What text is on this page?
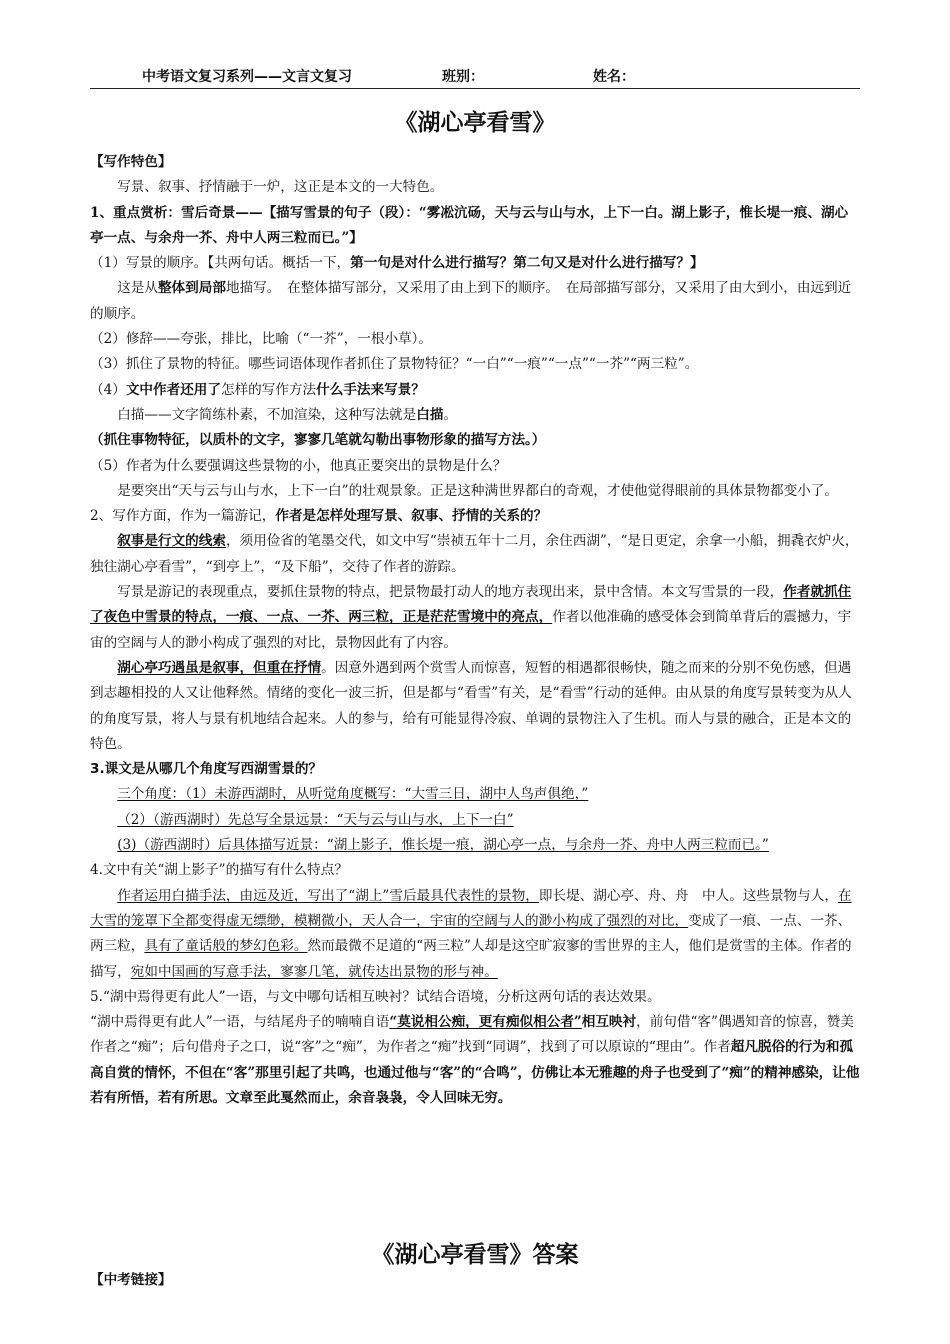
中考语文复习系列——文言文复习	班别：	姓名：
《湖心亭看雪》

【写作特色】

写景、叙事、抒情融于一炉，这正是本文的一大特色。

1、重点赏析：雪后奇景——【描写雪景的句子（段）：“雾凇沆砀，天与云与山与水，上下一白。湖上影子，惟长堤一痕、湖心亭一点、与余舟一芥、舟中人两三粒而已。”】

（1）写景的顺序。【共两句话。概括一下，第一句是对什么进行描写？第二句又是对什么进行描写？】

这是从整体到局部地描写。　在整体描写部分，又采用了由上到下的顺序。　在局部描写部分，又采用了由大到小，由远到近的顺序。

（2）修辞——夸张，排比，比喻（“一芥”，一根小草）。

（3）抓住了景物的特征。哪些词语体现作者抓住了景物特征？“一白”“一痕”“一点”“一芥”“两三粒”。

（4）文中作者还用了怎样的写作方法什么手法来写景？

白描——文字简练朴素，不加渲染，这种写法就是白描。

（抓住事物特征，以质朴的文字，寥寥几笔就勾勒出事物形象的描写方法。）

（5）作者为什么要强调这些景物的小，他真正要突出的景物是什么？

是要突出“天与云与山与水，上下一白”的壮观景象。正是这种满世界都白的奇观，才使他觉得眼前的具体景物都变小了。

2、写作方面，作为一篇游记，作者是怎样处理写景、叙事、抒情的关系的？

叙事是行文的线索，须用俭省的笔墨交代，如文中写“崇祯五年十二月，余住西湖”，“是日更定，余拿一小船，拥毳衣炉火，独往湖心亭看雪”，“到亭上”，“及下船”，交待了作者的游踪。

写景是游记的表现重点，要抓住景物的特点，把景物最打动人的地方表现出来，景中含情。本文写雪景的一段，作者就抓住了夜色中雪景的特点，一痕、一点、一芥、两三粒，正是茫茫雪境中的亮点，作者以他准确的感受体会到简单背后的震撼力，宇宙的空阔与人的渺小构成了强烈的对比，景物因此有了内容。

湖心亭巧遇虽是叙事，但重在抒情。因意外遇到两个赏雪人而惊喜，短暂的相遇都很畅快，随之而来的分别不免伤感，但遇到志趣相投的人又让他释然。情绪的变化一波三折，但是都与“看雪”有关，是“看雪”行动的延伸。由从景的角度写景转变为从人的角度写景，将人与景有机地结合起来。人的参与，给有可能显得冷寂、单调的景物注入了生机。而人与景的融合，正是本文的特色。

3.课文是从哪几个角度写西湖雪景的？

三个角度：（1）未游西湖时，从听觉角度概写：“大雪三日，湖中人鸟声俱绝，”

（2）（游西湖时）先总写全景远景：“天与云与山与水，上下一白”

(3)（游西湖时）后具体描写近景：“湖上影子，惟长堤一痕，湖心亭一点，与余舟一芥、舟中人两三粒而已。”

4.文中有关“湖上影子”的描写有什么特点？

作者运用白描手法，由远及近，写出了“湖上”雪后最具代表性的景物，即长堤、湖心亭、舟、舟　中人。这些景物与人，在大雪的笼罩下全都变得虚无缥缈，模糊微小，天人合一，宇宙的空阔与人的渺小构成了强烈的对比，变成了一痕、一点、一芥、两三粒，具有了童话般的梦幻色彩。然而最微不足道的“两三粒”人却是这空旷寂寥的雪世界的主人，他们是赏雪的主体。作者的描写，宛如中国画的写意手法，寥寥几笔，就传达出景物的形与神。

5.“湖中焉得更有此人”一语，与文中哪句话相互映衬？试结合语境，分析这两句话的表达效果。

“湖中焉得更有此人”一语，与结尾舟子的喃喃自语“莫说相公痴，更有痴似相公者”相互映衬，前句借“客”偶遇知音的惊喜，赞美作者之“痴”；后句借舟子之口，说“客”之“痴”，为作者之“痴”找到“同调”，找到了可以原谅的“理由”。作者超凡脱俗的行为和孤高自赏的情怀，不但在“客”那里引起了共鸣，也通过他与“客”的“合鸣”，仿佛让本无雅趣的舟子也受到了“痴”的精神感染，让他若有所悟，若有所思。文章至此戛然而止，余音袅袅，令人回味无穷。

《湖心亭看雪》答案
【中考链接】
